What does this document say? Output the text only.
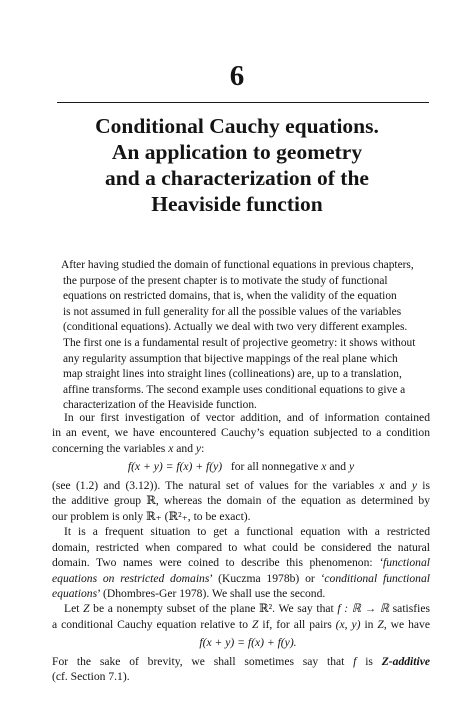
6
Conditional Cauchy equations.
An application to geometry
and a characterization of the
Heaviside function
After having studied the domain of functional equations in previous chapters,
the purpose of the present chapter is to motivate the study of functional
equations on restricted domains, that is, when the validity of the equation
is not assumed in full generality for all the possible values of the variables
(conditional equations). Actually we deal with two very different examples.
The first one is a fundamental result of projective geometry: it shows without
any regularity assumption that bijective mappings of the real plane which
map straight lines into straight lines (collineations) are, up to a translation,
affine transforms. The second example uses conditional equations to give a
characterization of the Heaviside function.
In our first investigation of vector addition, and of information contained
in an event, we have encountered Cauchy’s equation subjected to a condition
concerning the variables x and y:
f(x + y) = f(x) + f(y) for all nonnegative x and y
(see (1.2) and (3.12)). The natural set of values for the variables x and y is
the additive group ℝ, whereas the domain of the equation as determined by
our problem is only ℝ₊ (ℝ²₊, to be exact).
It is a frequent situation to get a functional equation with a restricted
domain, restricted when compared to what could be considered the natural
domain. Two names were coined to describe this phenomenon: ‘functional
equations on restricted domains’ (Kuczma 1978b) or ‘conditional functional
equations’ (Dhombres-Ger 1978). We shall use the second.
Let Z be a nonempty subset of the plane ℝ². We say that f : ℝ → ℝ satisfies
a conditional Cauchy equation relative to Z if, for all pairs (x, y) in Z, we have
f(x + y) = f(x) + f(y).
For the sake of brevity, we shall sometimes say that f is Z-additive
(cf. Section 7.1).
